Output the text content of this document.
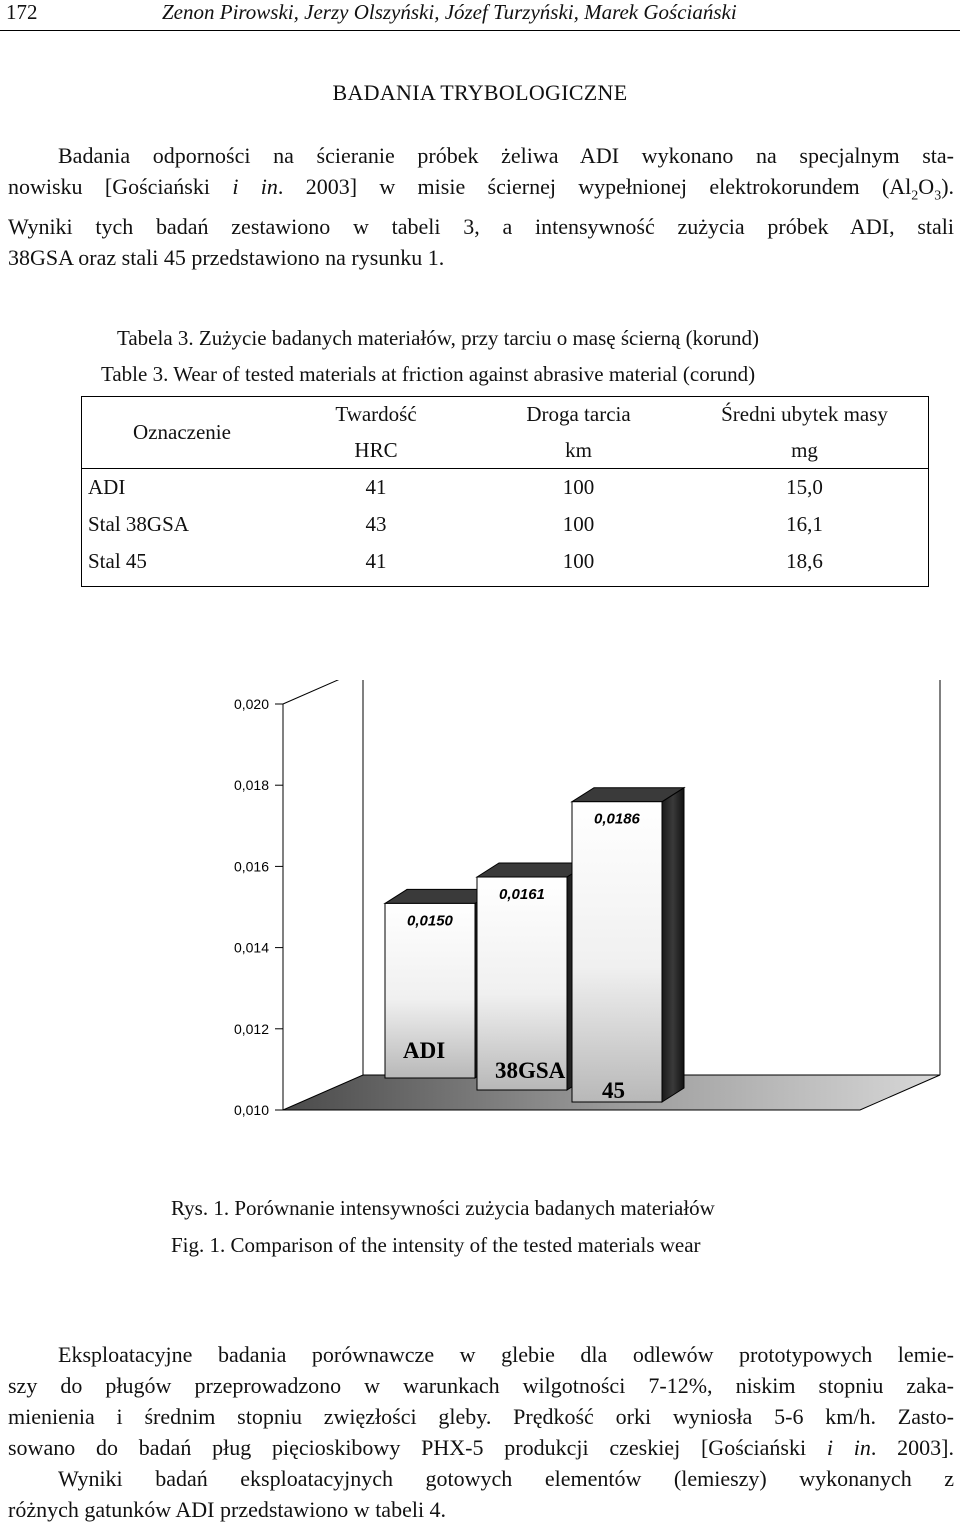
172	Zenon Pirowski, Jerzy Olszyński, Józef Turzyński, Marek Gościański
BADANIA TRYBOLOGICZNE
Badania odporności na ścieranie próbek żeliwa ADI wykonano na specjalnym sta-
nowisku [Gościański i in. 2003] w misie ściernej wypełnionej elektrokorundem $(Al_2O_3)$.
Wyniki tych badań zestawiono w tabeli 3, a intensywność zużycia próbek ADI, stali
38GSA oraz stali 45 przedstawiono na rysunku 1.
Tabela 3. Zużycie badanych materiałów, przy tarciu o masę ścierną (korund)
Table 3. Wear of tested materials at friction against abrasive material (corund)
Oznaczenie	Twardość	Droga tarcia	Średni ubytek masy
	HRC	km	mg
ADI	41	100	15,0
Stal 38GSA	43	100	16,1
Stal 45	41	100	18,6
0,010
0,012
0,014
0,016
0,018
0,020
0,0150
ADI
0,0161
38GSA
0,0186
45
Rys. 1. Porównanie intensywności zużycia badanych materiałów
Fig. 1. Comparison of the intensity of the tested materials wear
Eksploatacyjne badania porównawcze w glebie dla odlewów prototypowych lemie-
szy do pługów przeprowadzono w warunkach wilgotności 7-12%, niskim stopniu zaka-
mienienia i średnim stopniu zwięzłości gleby. Prędkość orki wyniosła 5-6 km/h. Zasto-
sowano do badań pług pięcioskibowy PHX-5 produkcji czeskiej [Gościański i in. 2003].
Wyniki badań eksploatacyjnych gotowych elementów (lemieszy) wykonanych z
różnych gatunków ADI przedstawiono w tabeli 4.
